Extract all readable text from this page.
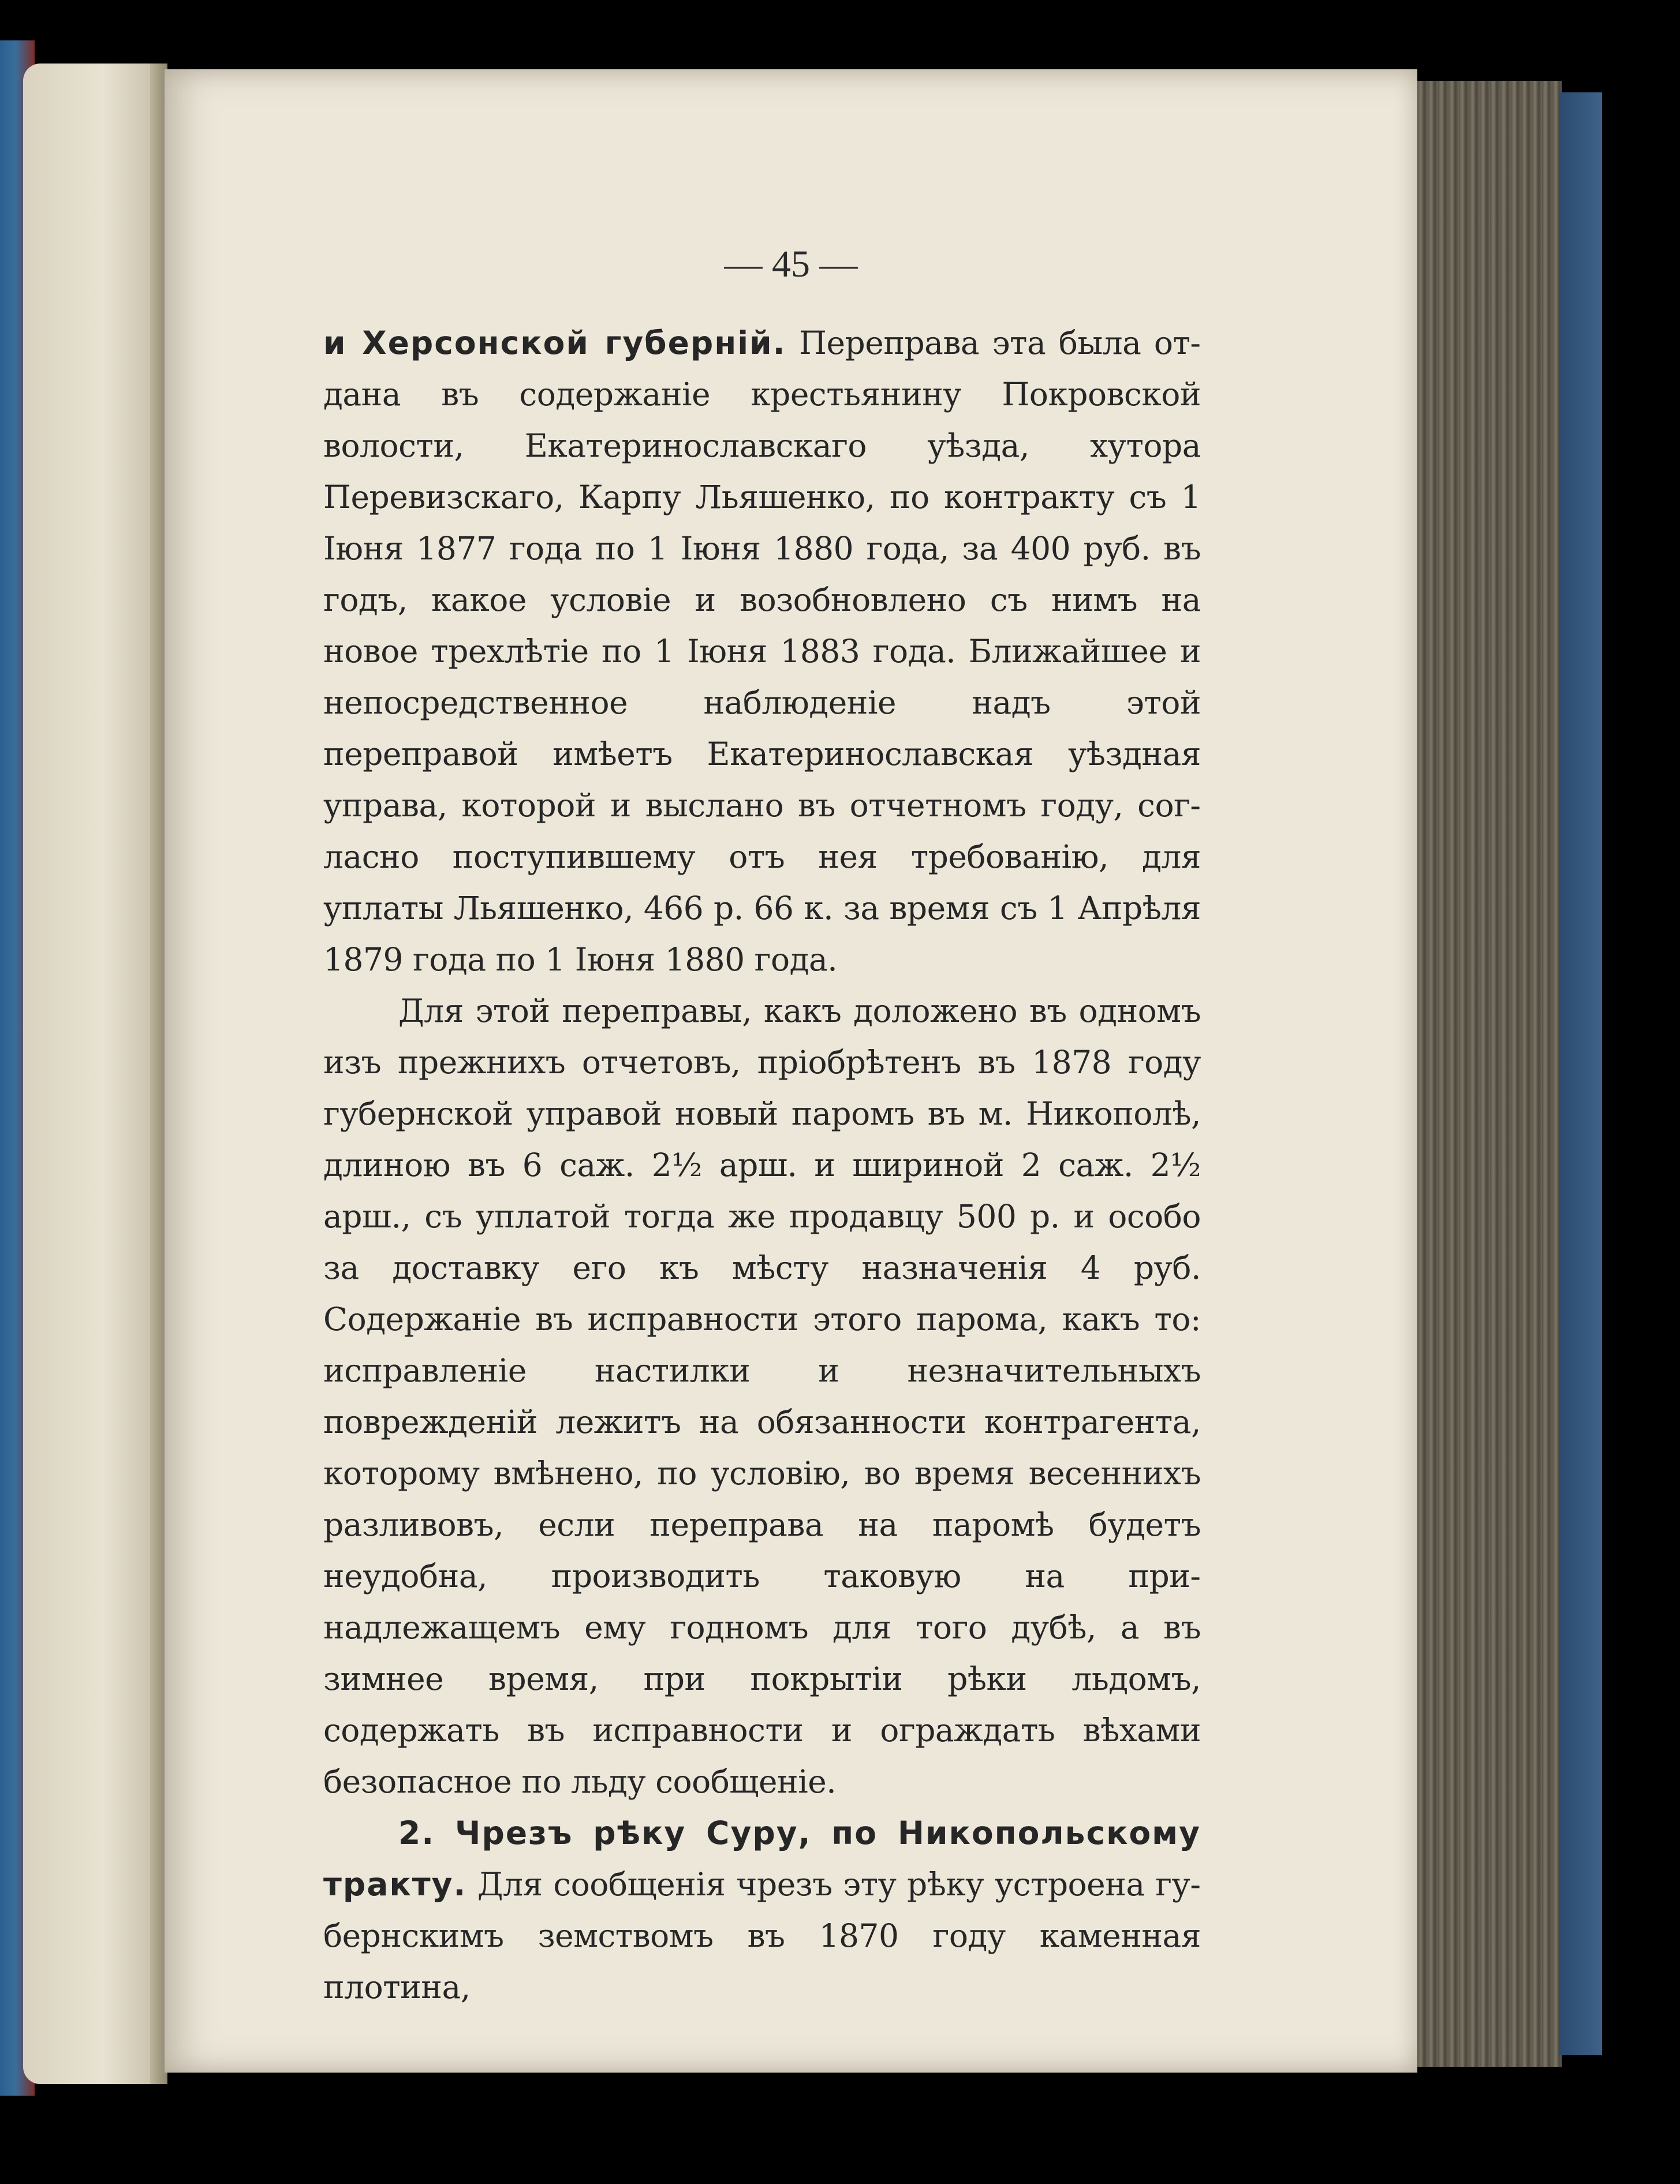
— 45 —

и Херсонской губерній. Переправа эта была отдана въ содержаніе крестьянину Покровской волости, Екатеринославскаго уѣзда, хутора Перевизскаго, Карпу Льяшенко, по контракту съ 1 Іюня 1877 года по 1 Іюня 1880 года, за 400 руб. въ годъ, какое условіе и возобновлено съ нимъ на новое трехлѣтіе по 1 Іюня 1883 года. Ближайшее и непосредственное наблюденіе надъ этой переправой имѣетъ Екатеринославская уѣздная управа, которой и выслано въ отчетномъ году, согласно поступившему отъ нея требованію, для уплаты Льяшенко, 466 р. 66 к. за время съ 1 Апрѣля 1879 года по 1 Іюня 1880 года.

Для этой переправы, какъ доложено въ одномъ изъ прежнихъ отчетовъ, пріобрѣтенъ въ 1878 году губернской управой новый паромъ въ м. Никополѣ, длиною въ 6 саж. 2½ арш. и шириной 2 саж. 2½ арш., съ уплатой тогда же продавцу 500 р. и особо за доставку его къ мѣсту назначенія 4 руб. Содержаніе въ исправности этого парома, какъ то: исправленіе настилки и незначительныхъ поврежденій лежитъ на обязанности контрагента, которому вмѣнено, по условію, во время весеннихъ разливовъ, если переправа на паромѣ будетъ неудобна, производить таковую на принадлежащемъ ему годномъ для того дубѣ, а въ зимнее время, при покрытіи рѣки льдомъ, содержать въ исправности и ограждать вѣхами безопасное по льду сообщеніе.

2. Чрезъ рѣку Суру, по Никопольскому тракту. Для сообщенія чрезъ эту рѣку устроена губернскимъ земствомъ въ 1870 году каменная плотина,
